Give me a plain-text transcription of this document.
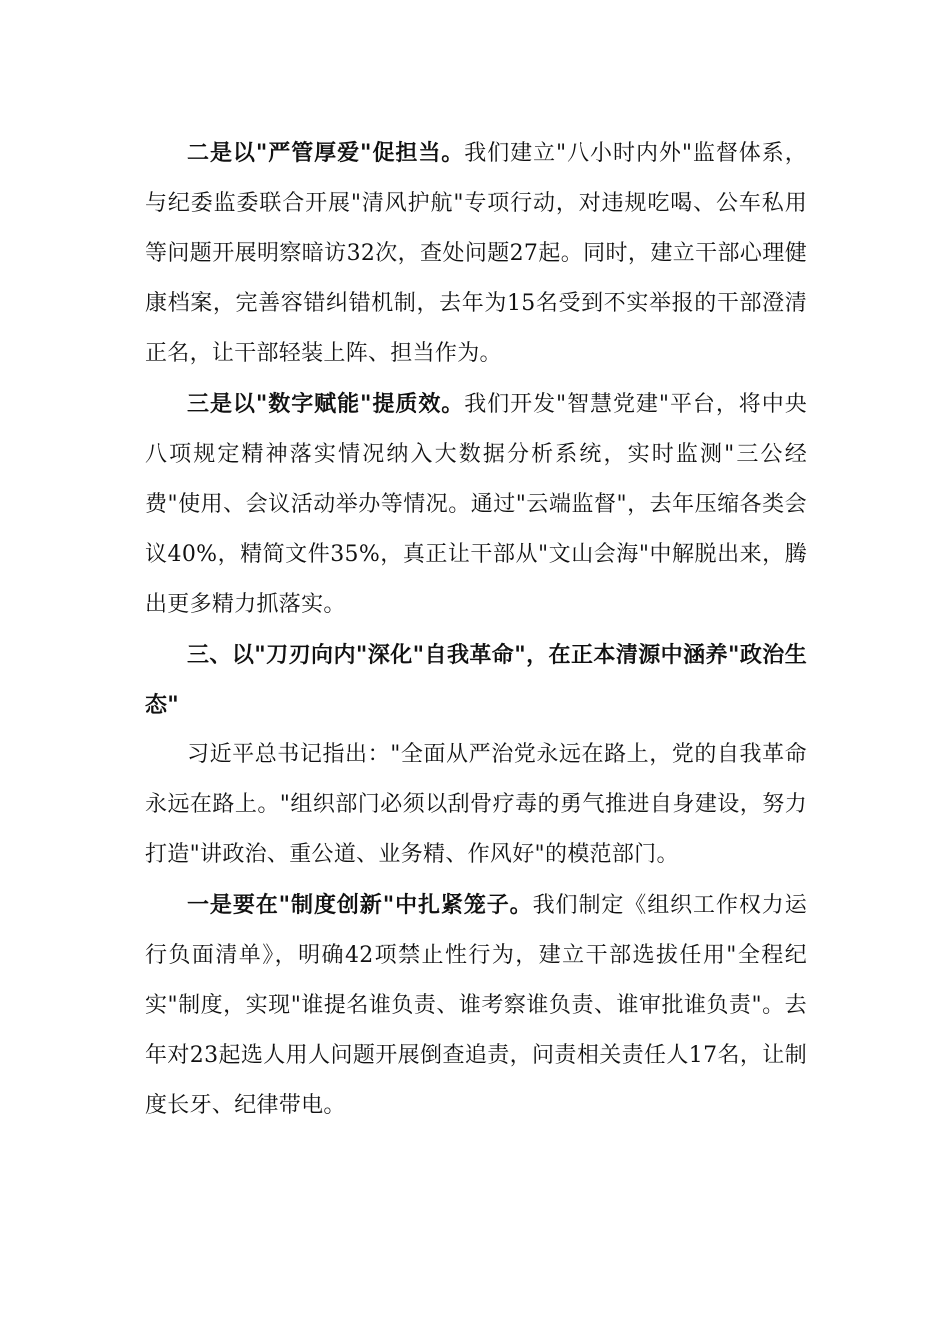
二是以"严管厚爱"促担当。我们建立"八小时内外"监督体系，与纪委监委联合开展"清风护航"专项行动，对违规吃喝、公车私用等问题开展明察暗访32次，查处问题27起。同时，建立干部心理健康档案，完善容错纠错机制，去年为15名受到不实举报的干部澄清正名，让干部轻装上阵、担当作为。

三是以"数字赋能"提质效。我们开发"智慧党建"平台，将中央八项规定精神落实情况纳入大数据分析系统，实时监测"三公经费"使用、会议活动举办等情况。通过"云端监督"，去年压缩各类会议40%，精简文件35%，真正让干部从"文山会海"中解脱出来，腾出更多精力抓落实。

三、以"刀刃向内"深化"自我革命"，在正本清源中涵养"政治生态"

习近平总书记指出："全面从严治党永远在路上，党的自我革命永远在路上。"组织部门必须以刮骨疗毒的勇气推进自身建设，努力打造"讲政治、重公道、业务精、作风好"的模范部门。

一是要在"制度创新"中扎紧笼子。我们制定《组织工作权力运行负面清单》，明确42项禁止性行为，建立干部选拔任用"全程纪实"制度，实现"谁提名谁负责、谁考察谁负责、谁审批谁负责"。去年对23起选人用人问题开展倒查追责，问责相关责任人17名，让制度长牙、纪律带电。
